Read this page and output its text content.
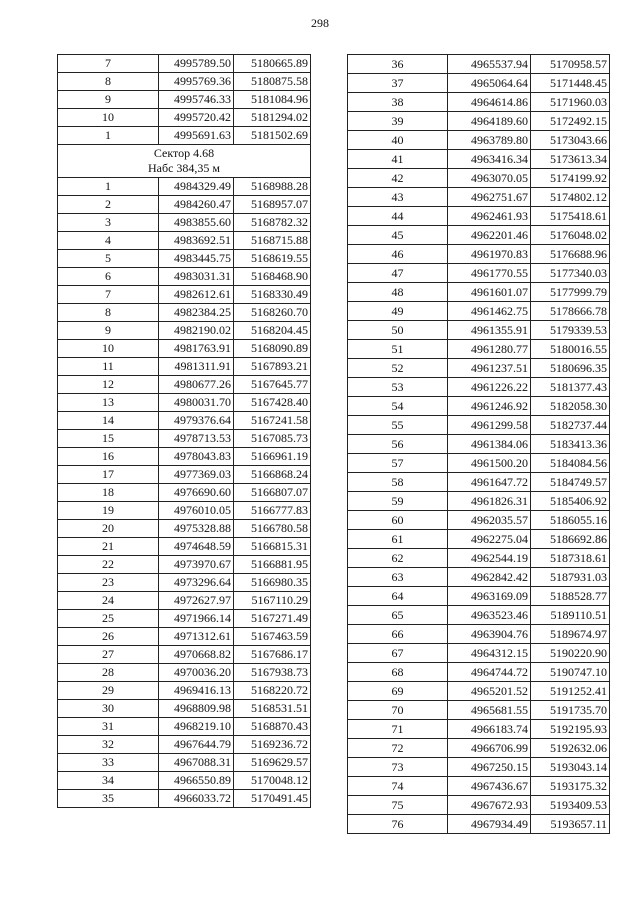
298
7	4995789.50	5180665.89
8	4995769.36	5180875.58
9	4995746.33	5181084.96
10	4995720.42	5181294.02
1	4995691.63	5181502.69

Сектор 4.68
Набс 384,35 м		

1	4984329.49	5168988.28
2	4984260.47	5168957.07
3	4983855.60	5168782.32
4	4983692.51	5168715.88
5	4983445.75	5168619.55
6	4983031.31	5168468.90
7	4982612.61	5168330.49
8	4982384.25	5168260.70
9	4982190.02	5168204.45
10	4981763.91	5168090.89
11	4981311.91	5167893.21
12	4980677.26	5167645.77
13	4980031.70	5167428.40
14	4979376.64	5167241.58
15	4978713.53	5167085.73
16	4978043.83	5166961.19
17	4977369.03	5166868.24
18	4976690.60	5166807.07
19	4976010.05	5166777.83
20	4975328.88	5166780.58
21	4974648.59	5166815.31
22	4973970.67	5166881.95
23	4973296.64	5166980.35
24	4972627.97	5167110.29
25	4971966.14	5167271.49
26	4971312.61	5167463.59
27	4970668.82	5167686.17
28	4970036.20	5167938.73
29	4969416.13	5168220.72
30	4968809.98	5168531.51
31	4968219.10	5168870.43
32	4967644.79	5169236.72
33	4967088.31	5169629.57
34	4966550.89	5170048.12
35	4966033.72	5170491.45
36	4965537.94	5170958.57
37	4965064.64	5171448.45
38	4964614.86	5171960.03
39	4964189.60	5172492.15
40	4963789.80	5173043.66
41	4963416.34	5173613.34
42	4963070.05	5174199.92
43	4962751.67	5174802.12
44	4962461.93	5175418.61
45	4962201.46	5176048.02
46	4961970.83	5176688.96
47	4961770.55	5177340.03
48	4961601.07	5177999.79
49	4961462.75	5178666.78
50	4961355.91	5179339.53
51	4961280.77	5180016.55
52	4961237.51	5180696.35
53	4961226.22	5181377.43
54	4961246.92	5182058.30
55	4961299.58	5182737.44
56	4961384.06	5183413.36
57	4961500.20	5184084.56
58	4961647.72	5184749.57
59	4961826.31	5185406.92
60	4962035.57	5186055.16
61	4962275.04	5186692.86
62	4962544.19	5187318.61
63	4962842.42	5187931.03
64	4963169.09	5188528.77
65	4963523.46	5189110.51
66	4963904.76	5189674.97
67	4964312.15	5190220.90
68	4964744.72	5190747.10
69	4965201.52	5191252.41
70	4965681.55	5191735.70
71	4966183.74	5192195.93
72	4966706.99	5192632.06
73	4967250.15	5193043.14
74	4967436.67	5193175.32
75	4967672.93	5193409.53
76	4967934.49	5193657.11
